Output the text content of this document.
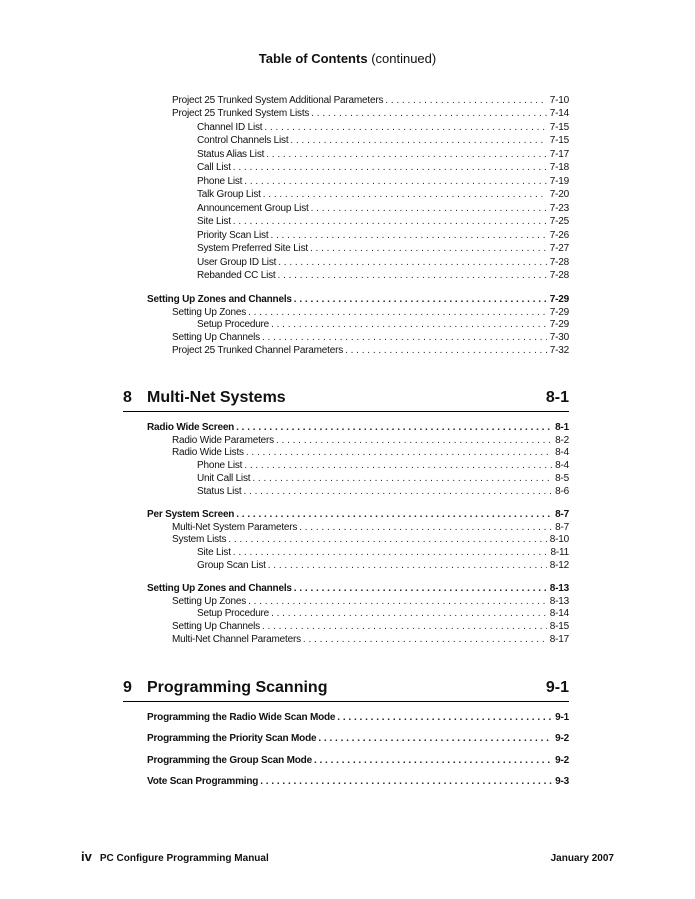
Table of Contents (continued)
Project 25 Trunked System Additional Parameters . . .	7-10
Project 25 Trunked System Lists . . .	7-14
Channel ID List . . .	7-15
Control Channels List . . .	7-15
Status Alias List . . .	7-17
Call List . . .	7-18
Phone List . . .	7-19
Talk Group List . . .	7-20
Announcement Group List . . .	7-23
Site List . . .	7-25
Priority Scan List . . .	7-26
System Preferred Site List . . .	7-27
User Group ID List . . .	7-28
Rebanded CC List . . .	7-28
Setting Up Zones and Channels . . .	7-29
Setting Up Zones . . .	7-29
Setup Procedure . . .	7-29
Setting Up Channels . . .	7-30
Project 25 Trunked Channel Parameters . . .	7-32
Radio Wide Screen . . .	8-1
Radio Wide Parameters . . .	8-2
Radio Wide Lists . . .	8-4
Phone List . . .	8-4
Unit Call List . . .	8-5
Status List . . .	8-6
Per System Screen . . .	8-7
Multi-Net System Parameters . . .	8-7
System Lists . . .	8-10
Site List . . .	8-11
Group Scan List . . .	8-12
Setting Up Zones and Channels . . .	8-13
Setting Up Zones . . .	8-13
Setup Procedure . . .	8-14
Setting Up Channels . . .	8-15
Multi-Net Channel Parameters . . .	8-17
Programming the Radio Wide Scan Mode . . .	9-1
Programming the Priority Scan Mode . . .	9-2
Programming the Group Scan Mode . . .	9-2
Vote Scan Programming . . .	9-3
8 Multi-Net Systems	8-1
9 Programming Scanning	9-1
iv PC Configure Programming Manual	January 2007
